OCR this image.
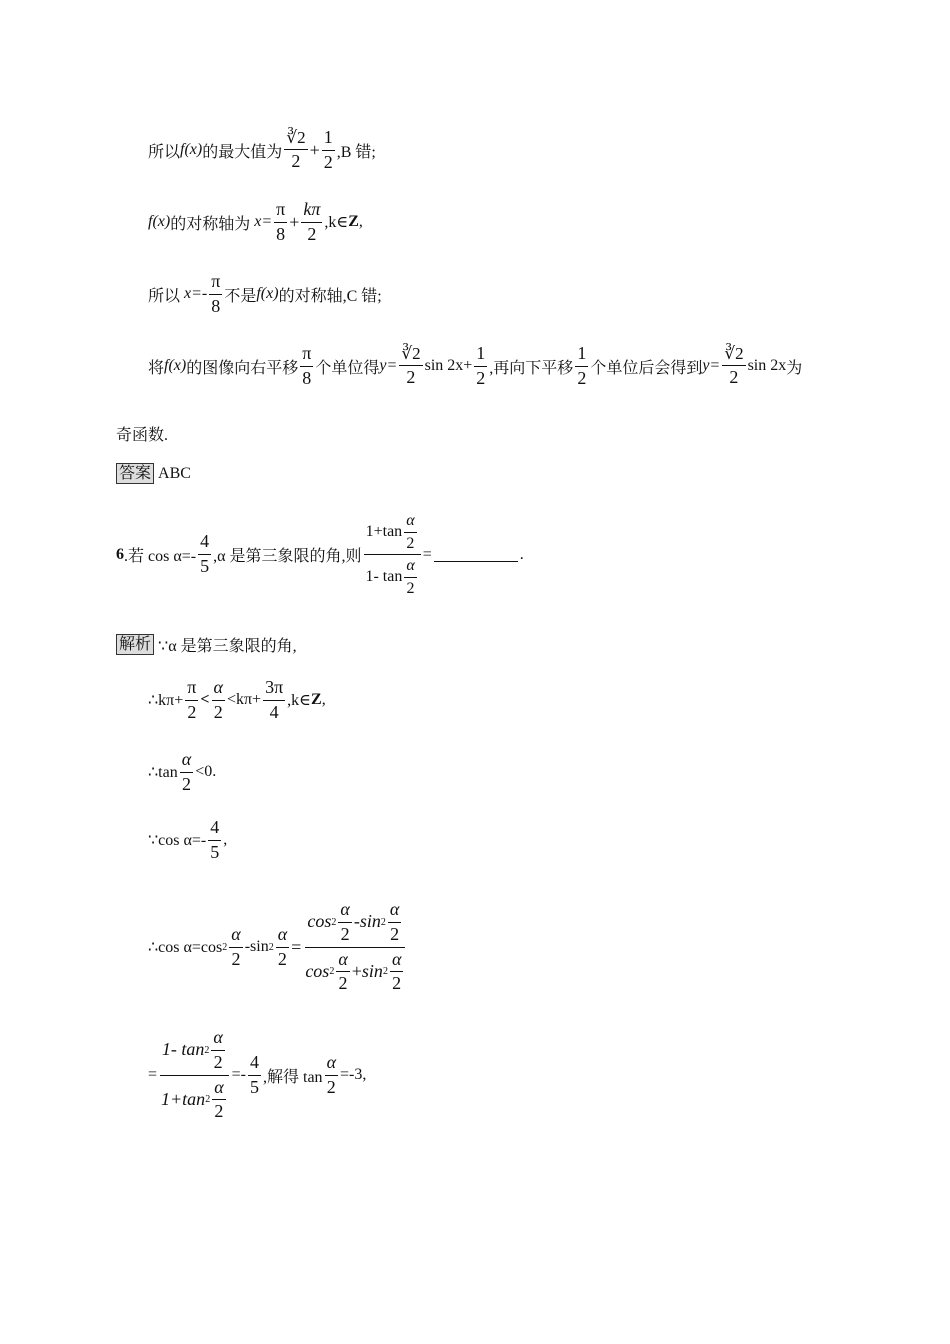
所以 f(x) 的最大值为 $\frac{∛2}{2} + \frac{1}{2} ,B$ 错;
f(x) 的对称轴为 $x= \frac{\pi}{8} + \frac{k\pi}{2}$ ,k∈ Z ,
所以 $x=- \frac{\pi}{8}$ 不是 f(x) 的对称轴,C 错;
将 f(x) 的图像向右平移 $\frac{\pi}{8}$ 个单位得 $y= \frac{∛2}{2}$ $\sin 2x+ \frac{1}{2}$ ,再向下平移 $\frac{1}{2}$ 个单位后会得到 $y= \frac{∛2}{2}$ sin 2x 为
奇函数.
答案 ABC
6 .若 $\cos \alpha=- \frac{4}{5} ,\alpha$ 是第三象限的角,则 $\frac{1+\tan \frac{\alpha}{2}}{1- \tan \frac{\alpha}{2}}$ =	.
解析 ∵α 是第三象限的角,
∴kπ+ $\frac{\pi}{2} < \frac{\alpha}{2} <k\pi+ \frac{3\pi}{4}$ ,k∈ Z ,
∴tan $\frac{\alpha}{2} <0$.
∵cos $\alpha=- \frac{4}{5}$ ,
∴cos α=cos $2 \frac{\alpha}{2} -\sin$ $2 \frac{\alpha}{2} = \frac{\cos 2 \frac{\alpha}{2} - \sin 2 \frac{\alpha}{2}}{\cos 2 \frac{\alpha}{2} + \sin 2 \frac{\alpha}{2}}$
= $\frac{1- \tan 2 \frac{\alpha}{2}}{1+\tan 2 \frac{\alpha}{2}} =- \frac{4}{5}$ ,解得 $\tan \frac{\alpha}{2} =-3$,
